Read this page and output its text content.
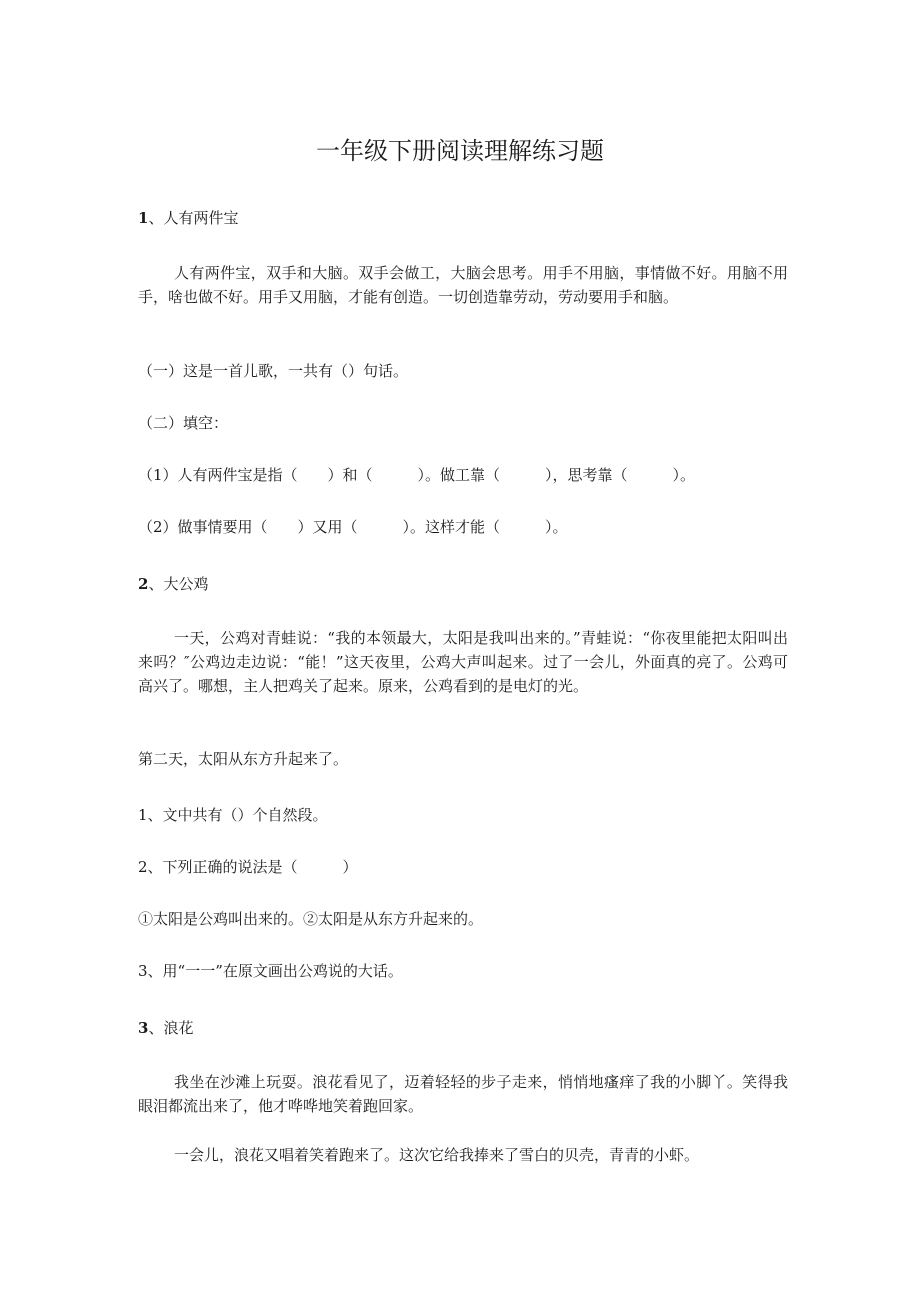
一年级下册阅读理解练习题

1、人有两件宝

人有两件宝，双手和大脑。双手会做工，大脑会思考。用手不用脑，事情做不好。用脑不用手，啥也做不好。用手又用脑，才能有创造。一切创造靠劳动，劳动要用手和脑。

（一）这是一首儿歌，一共有（）句话。

（二）填空：

（1）人有两件宝是指（　　）和（　　　）。做工靠（　　　），思考靠（　　　）。

（2）做事情要用（　　）又用（　　　）。这样才能（　　　）。

2、大公鸡

一天，公鸡对青蛙说：“我的本领最大，太阳是我叫出来的。”青蛙说：“你夜里能把太阳叫出来吗？″公鸡边走边说：“能！”这天夜里，公鸡大声叫起来。过了一会儿，外面真的亮了。公鸡可高兴了。哪想，主人把鸡关了起来。原来，公鸡看到的是电灯的光。

第二天，太阳从东方升起来了。

1、文中共有（）个自然段。

2、下列正确的说法是（　　　）

①太阳是公鸡叫出来的。②太阳是从东方升起来的。

3、用“一一”在原文画出公鸡说的大话。

3、浪花

我坐在沙滩上玩耍。浪花看见了，迈着轻轻的步子走来，悄悄地瘙痒了我的小脚丫。笑得我眼泪都流出来了，他才哗哗地笑着跑回家。

一会儿，浪花又唱着笑着跑来了。这次它给我捧来了雪白的贝壳，青青的小虾。
